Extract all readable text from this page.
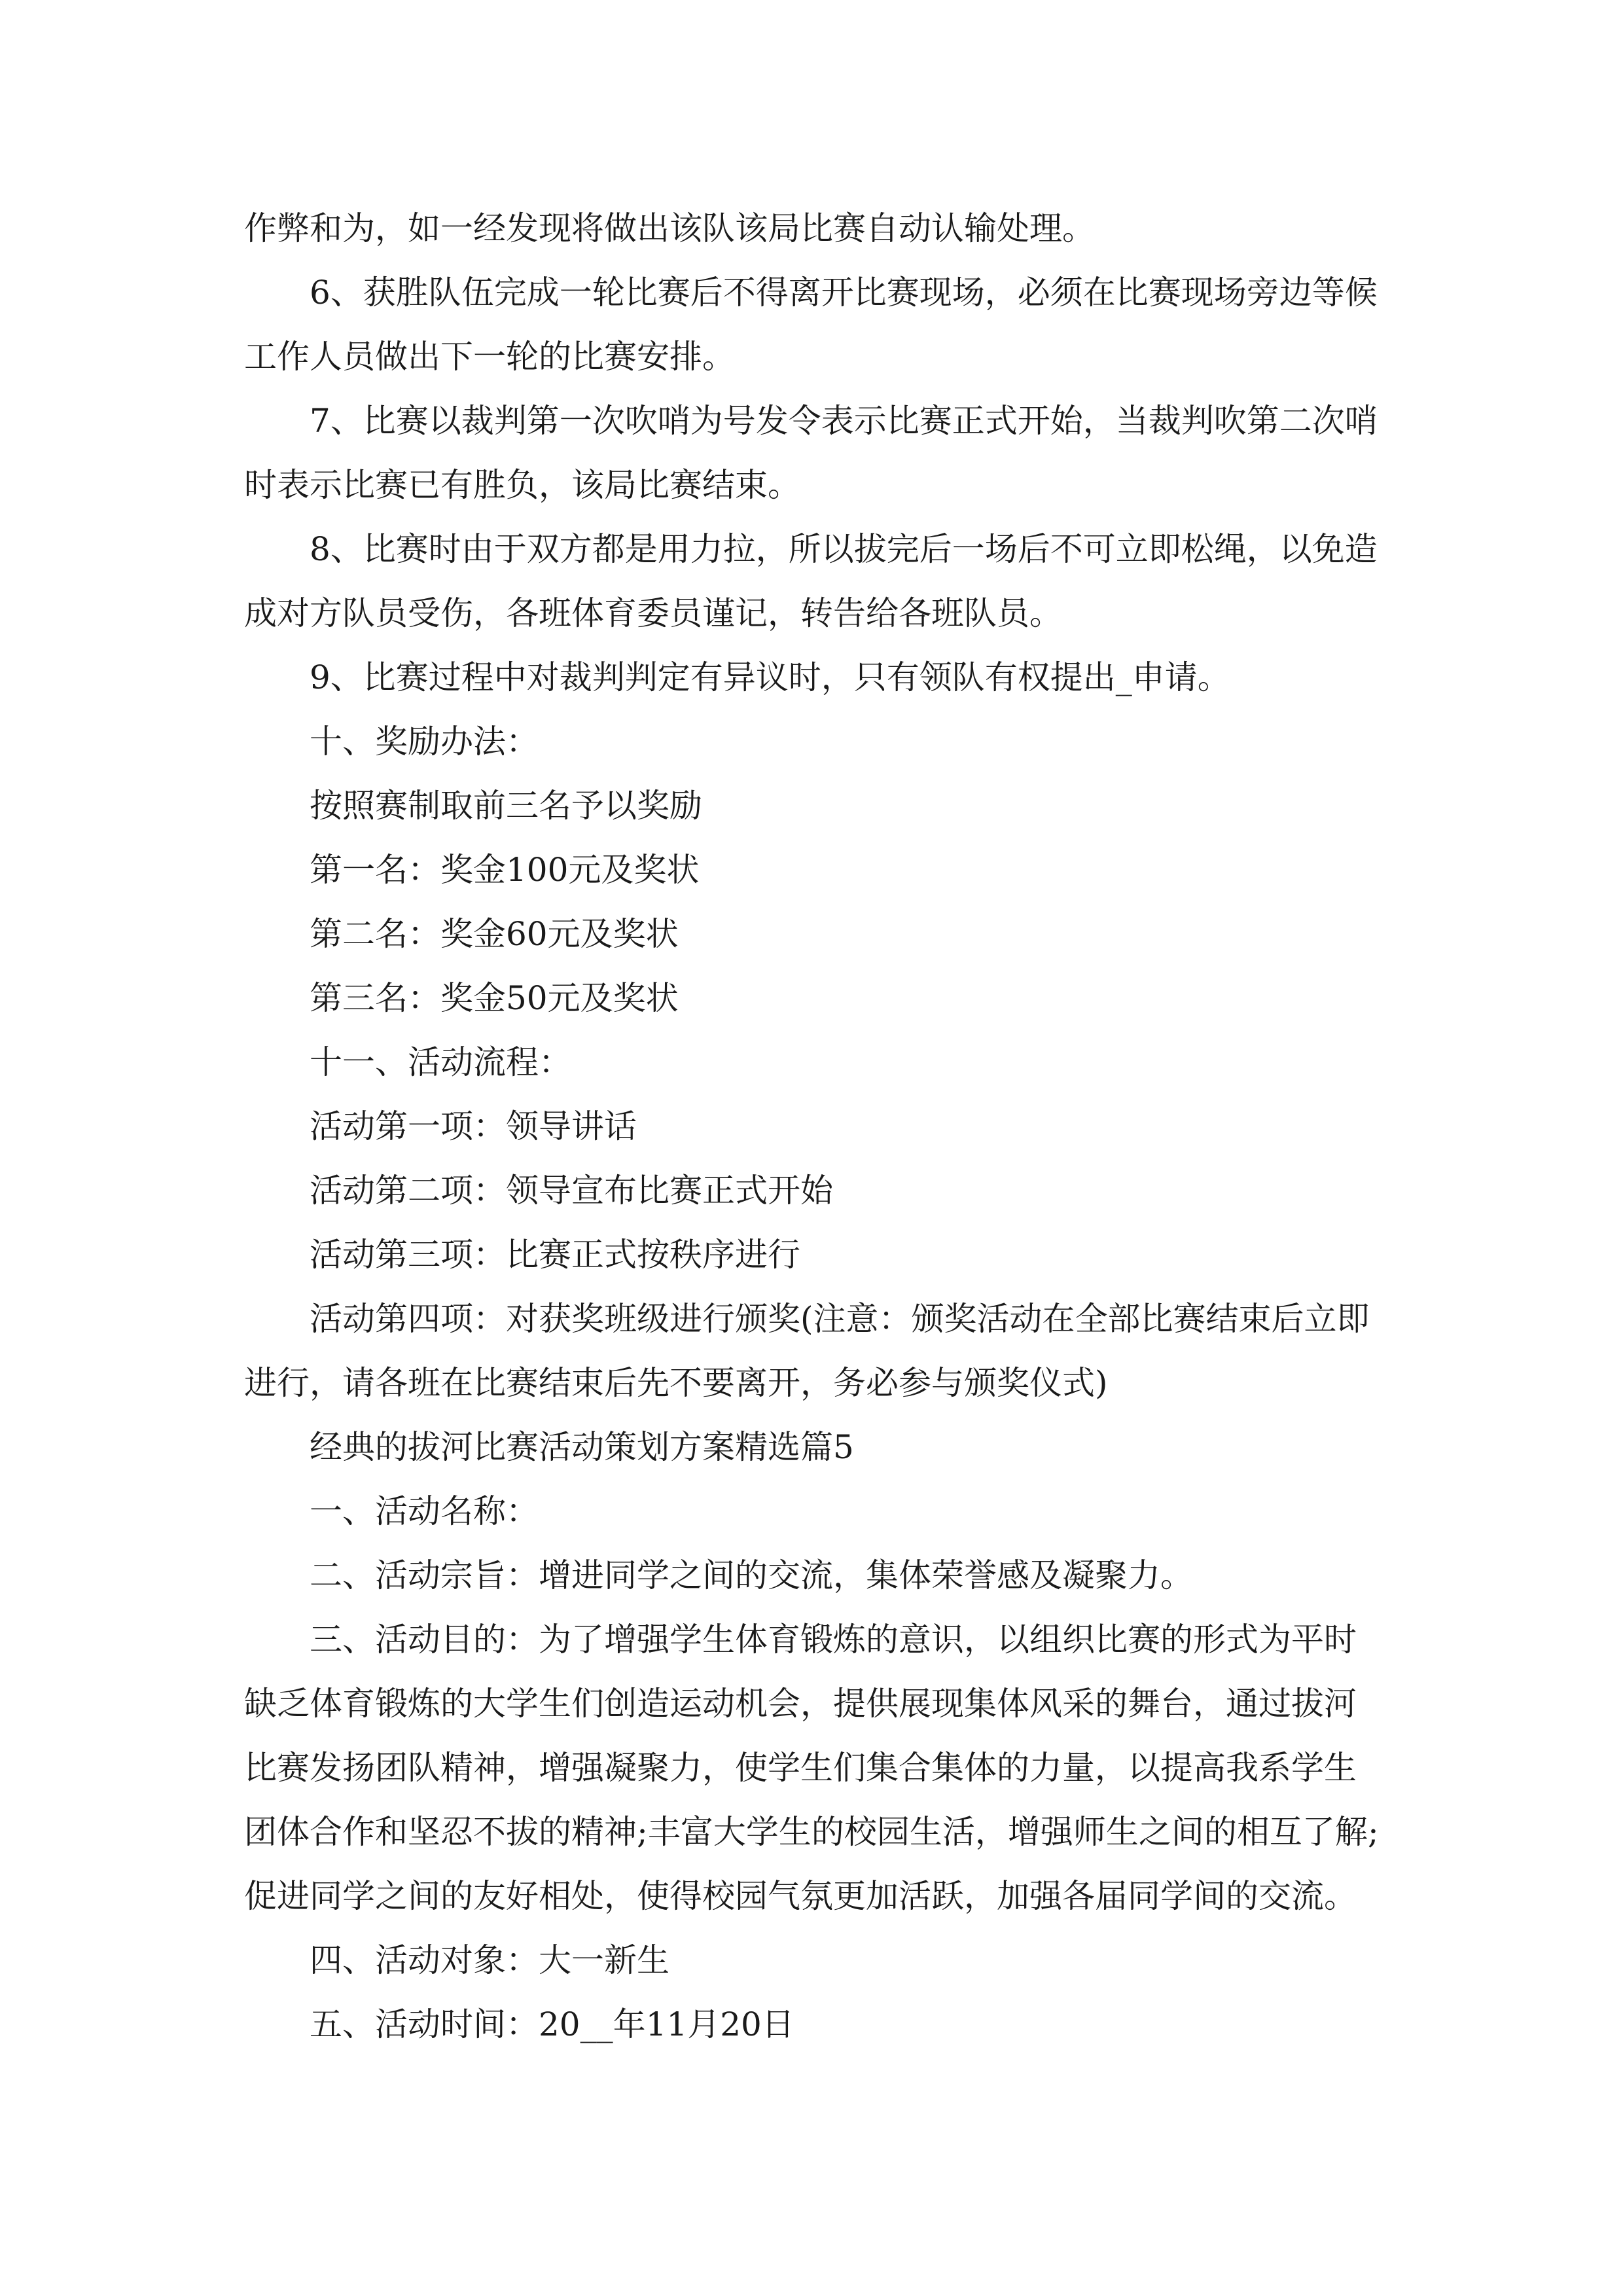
作弊和为，如一经发现将做出该队该局比赛自动认输处理。

6、获胜队伍完成一轮比赛后不得离开比赛现场，必须在比赛现场旁边等候工作人员做出下一轮的比赛安排。

7、比赛以裁判第一次吹哨为号发令表示比赛正式开始，当裁判吹第二次哨时表示比赛已有胜负，该局比赛结束。

8、比赛时由于双方都是用力拉，所以拔完后一场后不可立即松绳，以免造成对方队员受伤，各班体育委员谨记，转告给各班队员。

9、比赛过程中对裁判判定有异议时，只有领队有权提出_申请。

十、奖励办法：

按照赛制取前三名予以奖励

第一名：奖金100元及奖状

第二名：奖金60元及奖状

第三名：奖金50元及奖状

十一、活动流程：

活动第一项：领导讲话

活动第二项：领导宣布比赛正式开始

活动第三项：比赛正式按秩序进行

活动第四项：对获奖班级进行颁奖(注意：颁奖活动在全部比赛结束后立即进行，请各班在比赛结束后先不要离开，务必参与颁奖仪式)

经典的拔河比赛活动策划方案精选篇5

一、活动名称：

二、活动宗旨：增进同学之间的交流，集体荣誉感及凝聚力。

三、活动目的：为了增强学生体育锻炼的意识，以组织比赛的形式为平时缺乏体育锻炼的大学生们创造运动机会，提供展现集体风采的舞台，通过拔河比赛发扬团队精神，增强凝聚力，使学生们集合集体的力量，以提高我系学生团体合作和坚忍不拔的精神;丰富大学生的校园生活，增强师生之间的相互了解;促进同学之间的友好相处，使得校园气氛更加活跃，加强各届同学间的交流。

四、活动对象：大一新生

五、活动时间：20__年11月20日
